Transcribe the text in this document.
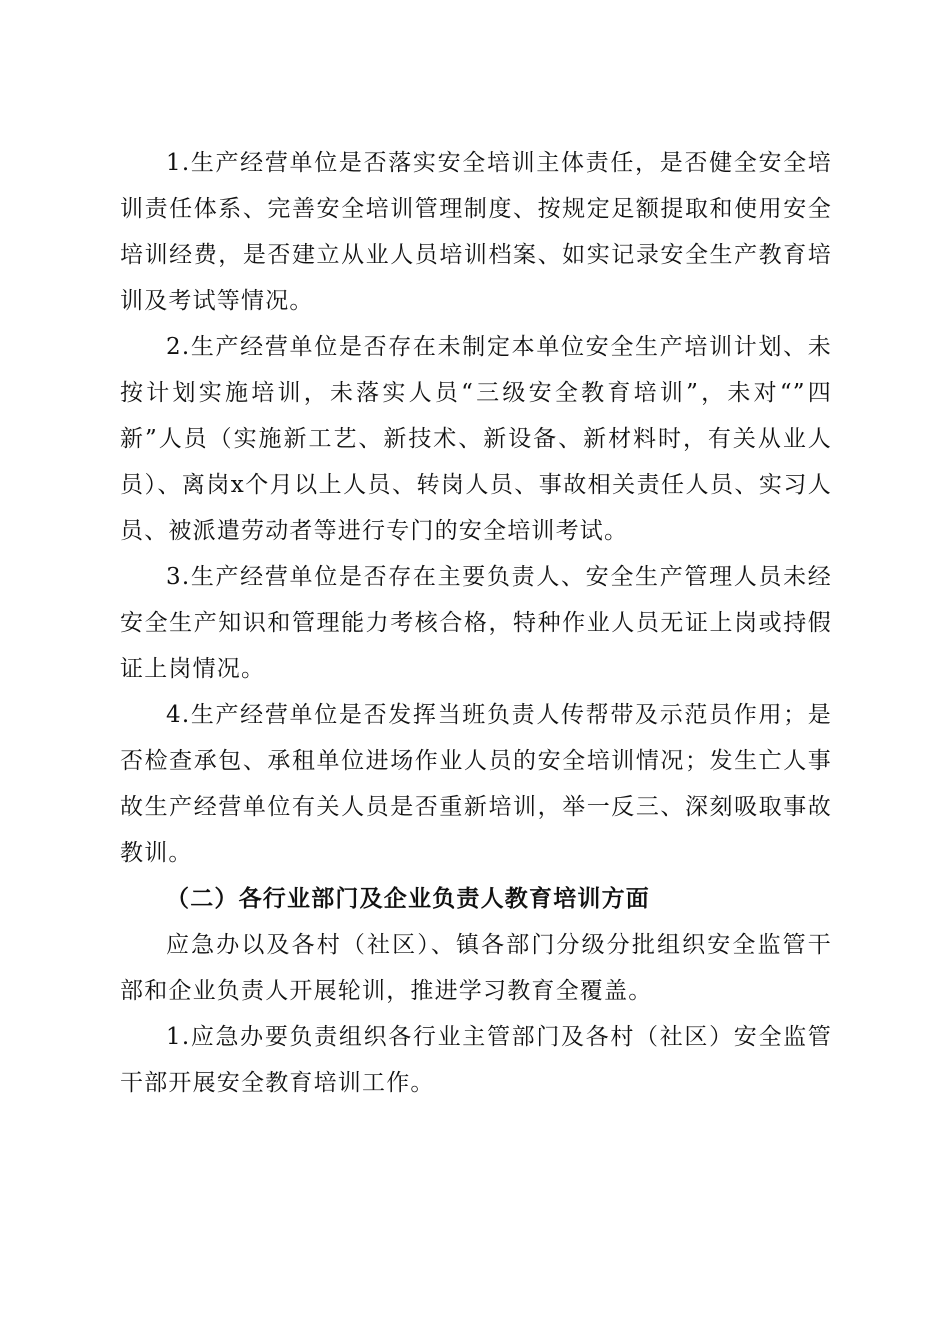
1.生产经营单位是否落实安全培训主体责任，是否健全安全培训责任体系、完善安全培训管理制度、按规定足额提取和使用安全培训经费，是否建立从业人员培训档案、如实记录安全生产教育培训及考试等情况。

2.生产经营单位是否存在未制定本单位安全生产培训计划、未按计划实施培训，未落实人员“三级安全教育培训”，未对“”四新”人员（实施新工艺、新技术、新设备、新材料时，有关从业人员）、离岗x个月以上人员、转岗人员、事故相关责任人员、实习人员、被派遣劳动者等进行专门的安全培训考试。

3.生产经营单位是否存在主要负责人、安全生产管理人员未经安全生产知识和管理能力考核合格，特种作业人员无证上岗或持假证上岗情况。

4.生产经营单位是否发挥当班负责人传帮带及示范员作用；是否检查承包、承租单位进场作业人员的安全培训情况；发生亡人事故生产经营单位有关人员是否重新培训，举一反三、深刻吸取事故教训。

（二）各行业部门及企业负责人教育培训方面

应急办以及各村（社区）、镇各部门分级分批组织安全监管干部和企业负责人开展轮训，推进学习教育全覆盖。

1.应急办要负责组织各行业主管部门及各村（社区）安全监管干部开展安全教育培训工作。
